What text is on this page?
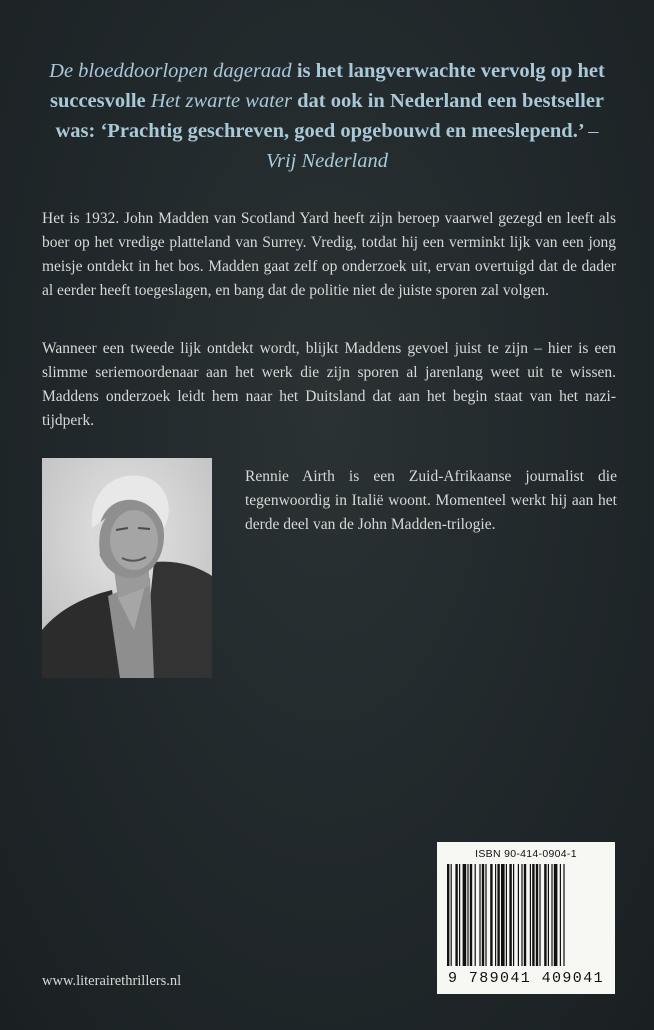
De bloeddoorlopen dageraad is het langverwachte vervolg op het succesvolle Het zwarte water dat ook in Nederland een bestseller was: ‘Prachtig geschreven, goed opgebouwd en meeslepend.’ – Vrij Nederland
Het is 1932. John Madden van Scotland Yard heeft zijn beroep vaarwel gezegd en leeft als boer op het vredige platteland van Surrey. Vredig, totdat hij een verminkt lijk van een jong meisje ontdekt in het bos. Madden gaat zelf op onderzoek uit, ervan overtuigd dat de dader al eerder heeft toegeslagen, en bang dat de politie niet de juiste sporen zal volgen.
Wanneer een tweede lijk ontdekt wordt, blijkt Maddens gevoel juist te zijn – hier is een slimme seriemoordenaar aan het werk die zijn sporen al jarenlang weet uit te wissen. Maddens onderzoek leidt hem naar het Duitsland dat aan het begin staat van het nazi-tijdperk.
Rennie Airth is een Zuid-Afrikaanse journalist die tegenwoordig in Italië woont. Momenteel werkt hij aan het derde deel van de John Madden-trilogie.
ISBN 90-414-0904-1
9 789041 409041
www.literairethrillers.nl
